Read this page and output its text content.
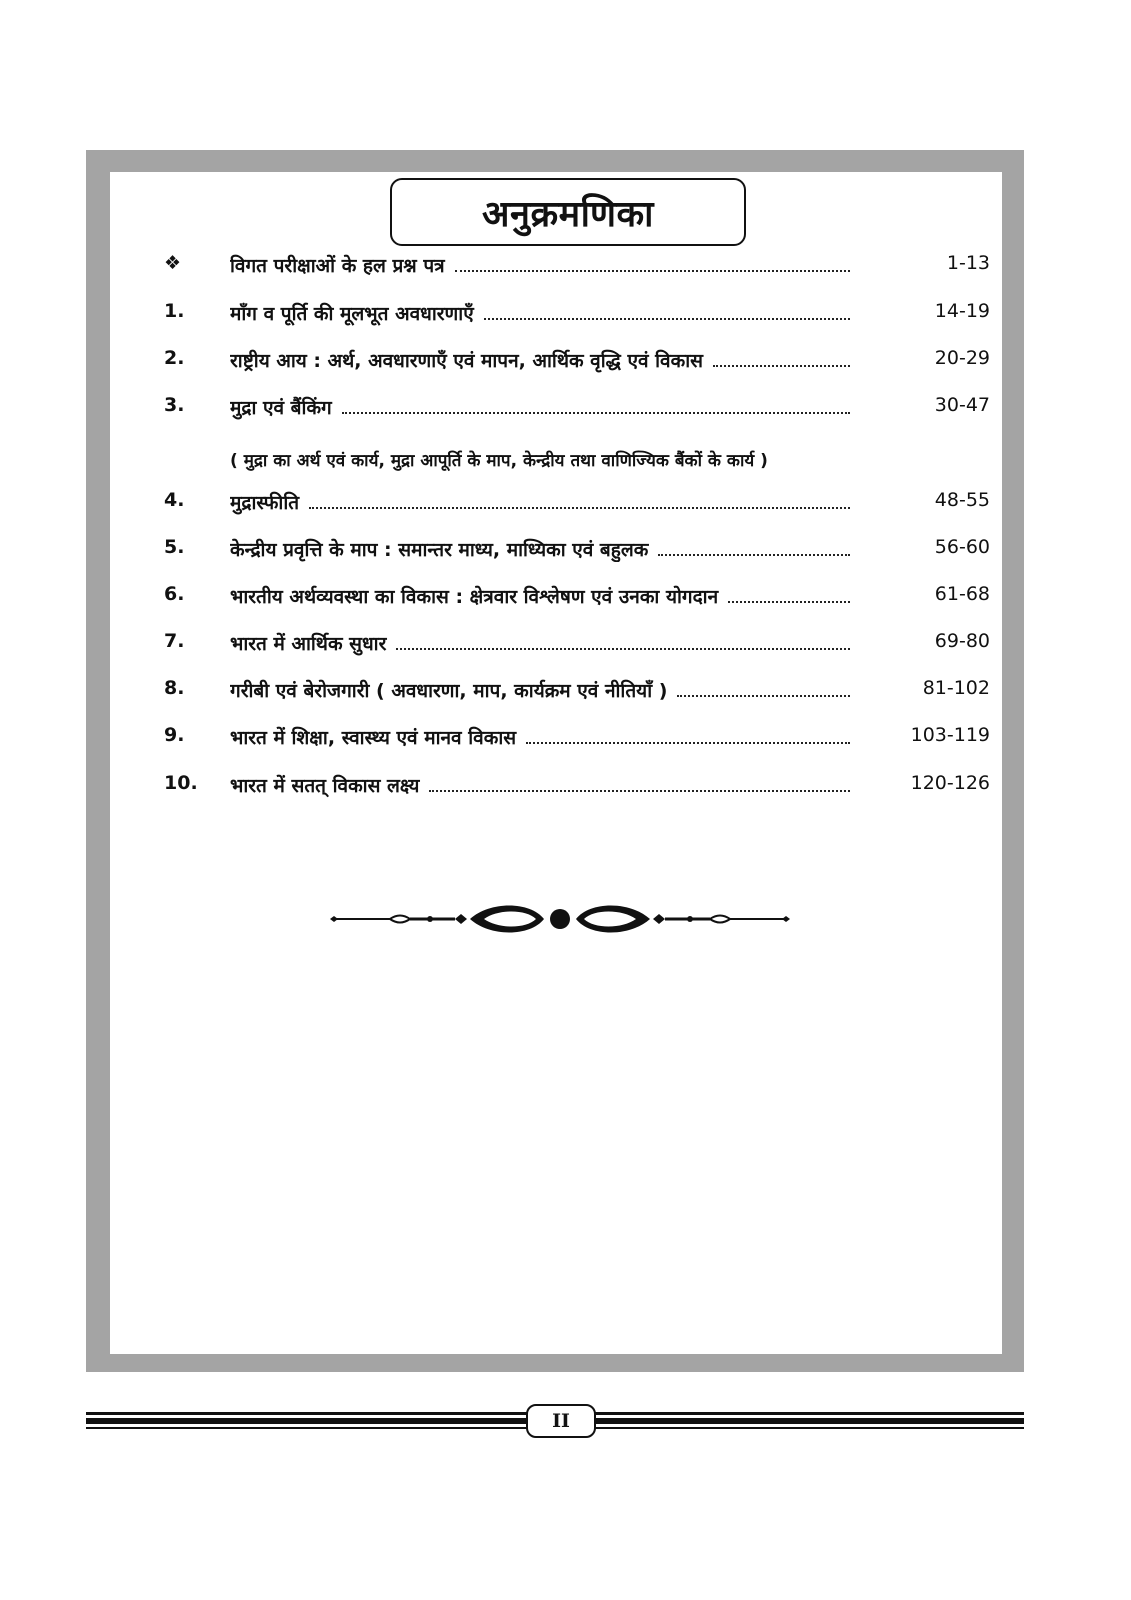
अनुक्रमणिका
❖	विगत परीक्षाओं के हल प्रश्न पत्र	1-13
1.	माँग व पूर्ति की मूलभूत अवधारणाएँ	14-19
2.	राष्ट्रीय आय : अर्थ, अवधारणाएँ एवं मापन, आर्थिक वृद्धि एवं विकास	20-29
3.	मुद्रा एवं बैंकिंग	30-47
4.	मुद्रास्फीति	48-55
5.	केन्द्रीय प्रवृत्ति के माप : समान्तर माध्य, माध्यिका एवं बहुलक	56-60
6.	भारतीय अर्थव्यवस्था का विकास : क्षेत्रवार विश्लेषण एवं उनका योगदान	61-68
7.	भारत में आर्थिक सुधार	69-80
8.	गरीबी एवं बेरोजगारी ( अवधारणा, माप, कार्यक्रम एवं नीतियाँ )	81-102
9.	भारत में शिक्षा, स्वास्थ्य एवं मानव विकास	103-119
10.	भारत में सतत् विकास लक्ष्य	120-126
( मुद्रा का अर्थ एवं कार्य, मुद्रा आपूर्ति के माप, केन्द्रीय तथा वाणिज्यिक बैंकों के कार्य )
II
